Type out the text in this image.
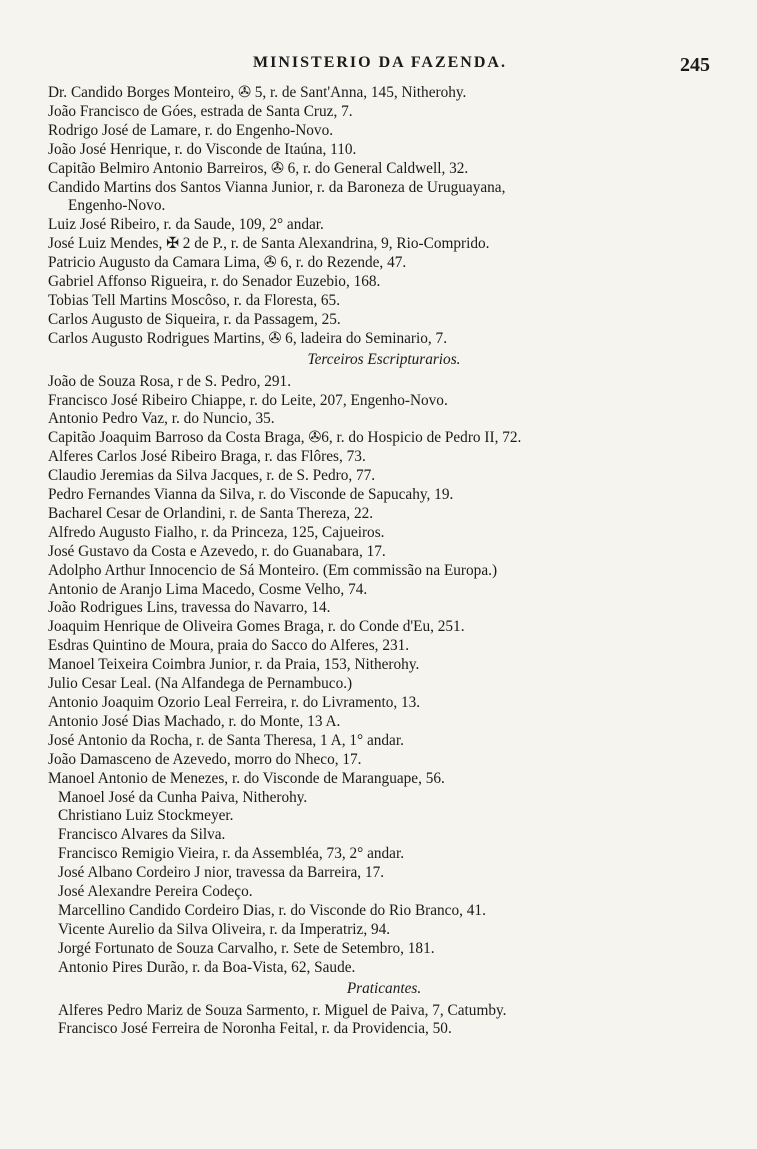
MINISTERIO DA FAZENDA.	245
Dr. Candido Borges Monteiro, ✇ 5, r. de Sant'Anna, 145, Nitherohy.
João Francisco de Góes, estrada de Santa Cruz, 7.
Rodrigo José de Lamare, r. do Engenho-Novo.
João José Henrique, r. do Visconde de Itaúna, 110.
Capitão Belmiro Antonio Barreiros, ✇ 6, r. do General Caldwell, 32.
Candido Martins dos Santos Vianna Junior, r. da Baroneza de Uruguayana,
Engenho-Novo.
Luiz José Ribeiro, r. da Saude, 109, 2° andar.
José Luiz Mendes, ✠ 2 de P., r. de Santa Alexandrina, 9, Rio-Comprido.
Patricio Augusto da Camara Lima, ✇ 6, r. do Rezende, 47.
Gabriel Affonso Rigueira, r. do Senador Euzebio, 168.
Tobias Tell Martins Moscôso, r. da Floresta, 65.
Carlos Augusto de Siqueira, r. da Passagem, 25.
Carlos Augusto Rodrigues Martins, ✇ 6, ladeira do Seminario, 7.
Terceiros Escripturarios.
João de Souza Rosa, r de S. Pedro, 291.
Francisco José Ribeiro Chiappe, r. do Leite, 207, Engenho-Novo.
Antonio Pedro Vaz, r. do Nuncio, 35.
Capitão Joaquim Barroso da Costa Braga, ✇6, r. do Hospicio de Pedro II, 72.
Alferes Carlos José Ribeiro Braga, r. das Flôres, 73.
Claudio Jeremias da Silva Jacques, r. de S. Pedro, 77.
Pedro Fernandes Vianna da Silva, r. do Visconde de Sapucahy, 19.
Bacharel Cesar de Orlandini, r. de Santa Thereza, 22.
Alfredo Augusto Fialho, r. da Princeza, 125, Cajueiros.
José Gustavo da Costa e Azevedo, r. do Guanabara, 17.
Adolpho Arthur Innocencio de Sá Monteiro. (Em commissão na Europa.)
Antonio de Aranjo Lima Macedo, Cosme Velho, 74.
João Rodrigues Lins, travessa do Navarro, 14.
Joaquim Henrique de Oliveira Gomes Braga, r. do Conde d'Eu, 251.
Esdras Quintino de Moura, praia do Sacco do Alferes, 231.
Manoel Teixeira Coimbra Junior, r. da Praia, 153, Nitherohy.
Julio Cesar Leal. (Na Alfandega de Pernambuco.)
Antonio Joaquim Ozorio Leal Ferreira, r. do Livramento, 13.
Antonio José Dias Machado, r. do Monte, 13 A.
José Antonio da Rocha, r. de Santa Theresa, 1 A, 1° andar.
João Damasceno de Azevedo, morro do Nheco, 17.
Manoel Antonio de Menezes, r. do Visconde de Maranguape, 56.
Manoel José da Cunha Paiva, Nitherohy.
Christiano Luiz Stockmeyer.
Francisco Alvares da Silva.
Francisco Remigio Vieira, r. da Assembléa, 73, 2° andar.
José Albano Cordeiro J nior, travessa da Barreira, 17.
José Alexandre Pereira Codeço.
Marcellino Candido Cordeiro Dias, r. do Visconde do Rio Branco, 41.
Vicente Aurelio da Silva Oliveira, r. da Imperatriz, 94.
Jorgé Fortunato de Souza Carvalho, r. Sete de Setembro, 181.
Antonio Pires Durão, r. da Boa-Vista, 62, Saude.
Praticantes.
Alferes Pedro Mariz de Souza Sarmento, r. Miguel de Paiva, 7, Catumby.
Francisco José Ferreira de Noronha Feital, r. da Providencia, 50.
